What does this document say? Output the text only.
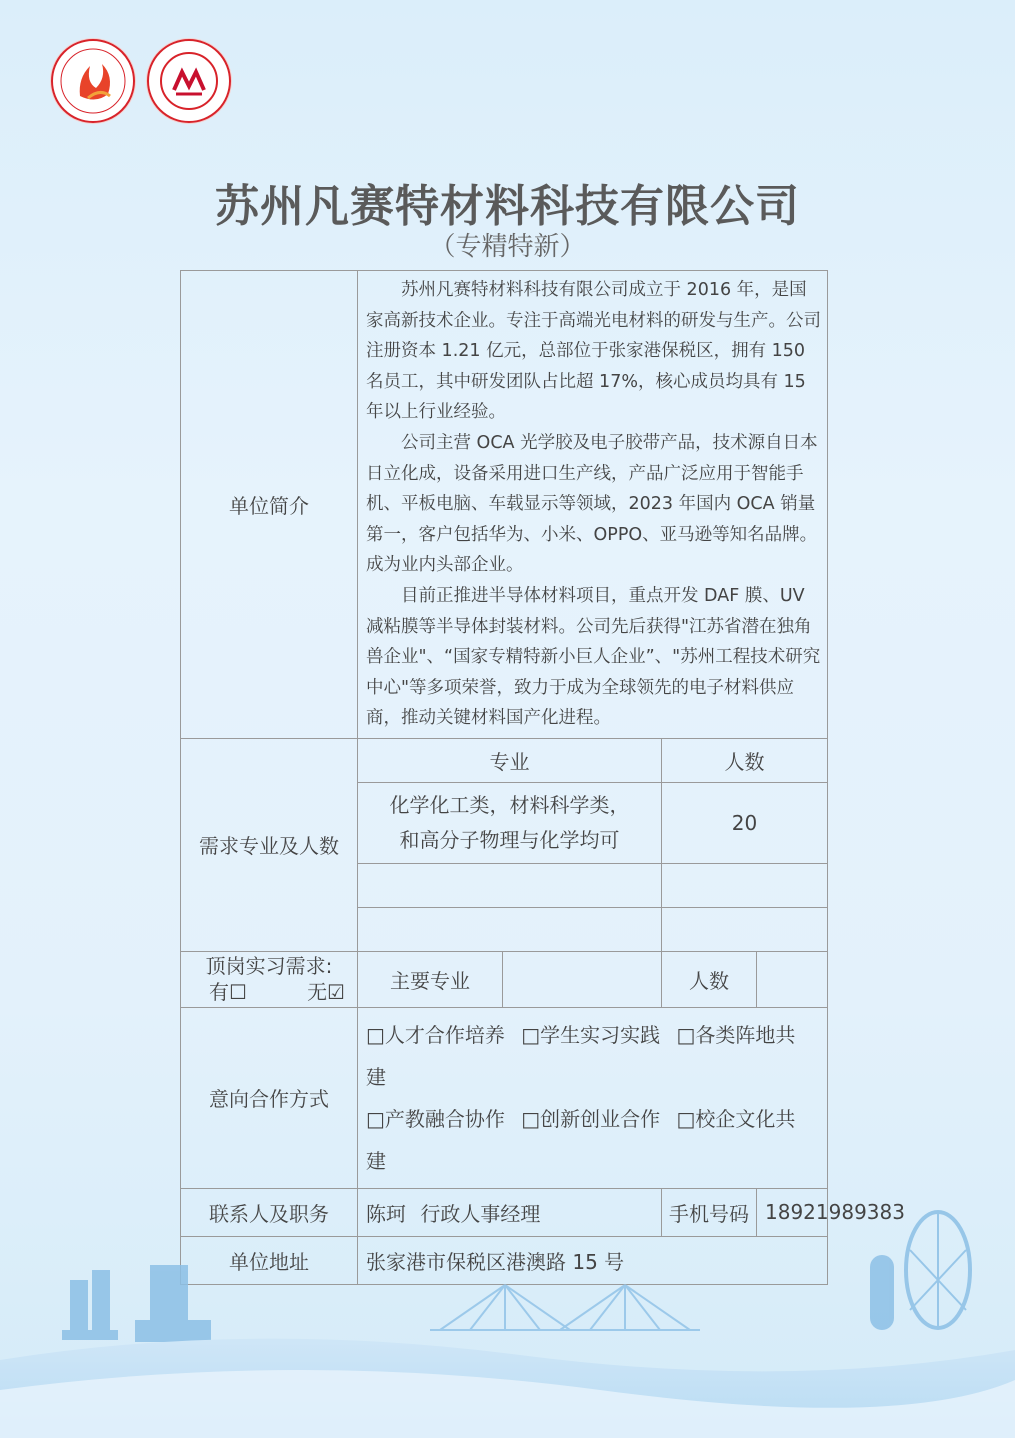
苏州凡赛特材料科技有限公司
（专精特新）
单位简介	苏州凡赛特材料科技有限公司成立于 2016 年，是国家高新技术企业。专注于高端光电材料的研发与生产。公司注册资本 1.21 亿元，总部位于张家港保税区，拥有 150 名员工，其中研发团队占比超 17%，核心成员均具有 15 年以上行业经验。

公司主营 OCA 光学胶及电子胶带产品，技术源自日本日立化成，设备采用进口生产线，产品广泛应用于智能手机、平板电脑、车载显示等领域，2023 年国内 OCA 销量第一，客户包括华为、小米、OPPO、亚马逊等知名品牌。成为业内头部企业。

目前正推进半导体材料项目，重点开发 DAF 膜、UV 减粘膜等半导体封装材料。公司先后获得"江苏省潜在独角兽企业"、“国家专精特新小巨人企业”、"苏州工程技术研究中心"等多项荣誉，致力于成为全球领先的电子材料供应商，推动关键材料国产化进程。			

需求专业及人数	专业		人数	

	化学化工类，材料科学类，
和高分子物理与化学均可		20	

顶岗实习需求:
有☐ 无☑	主要专业		人数	
意向合作方式	□人才合作培养 □学生实习实践 □各类阵地共建
□产教融合协作 □创新创业合作 □校企文化共建			

联系人及职务	陈珂 行政人事经理		手机号码	18921989383
单位地址	张家港市保税区港澳路 15 号			
